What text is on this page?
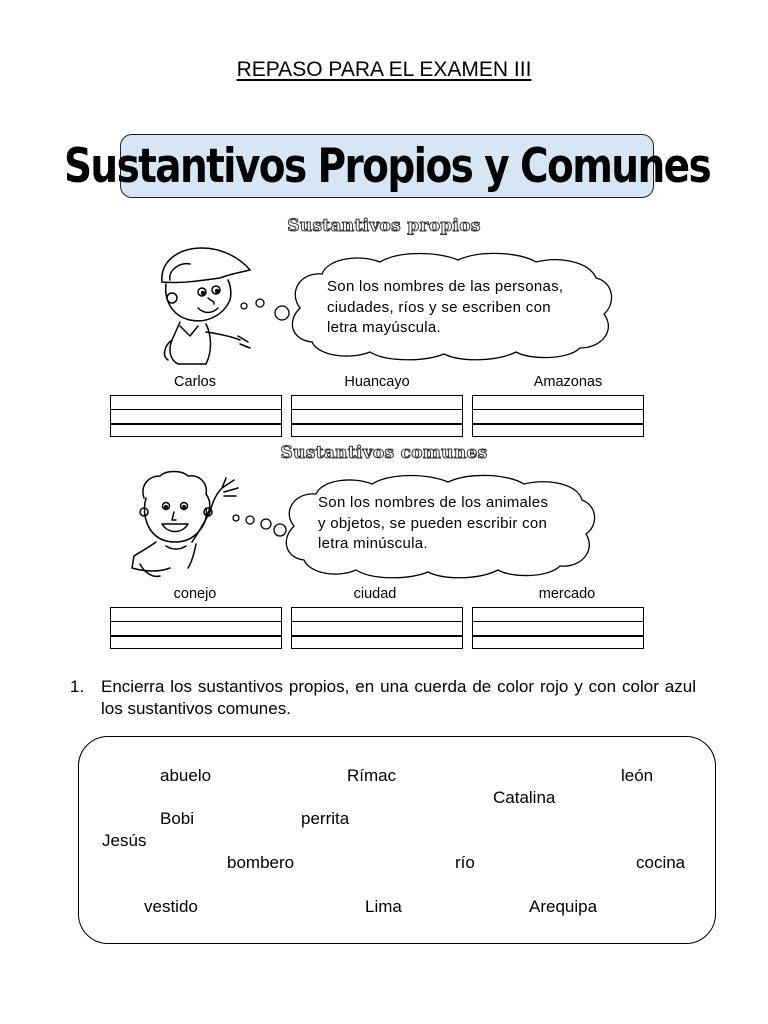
REPASO PARA EL EXAMEN III
Sustantivos Propios y Comunes
Sustantivos propios
Son los nombres de las personas,
ciudades, ríos y se escriben con
letra mayúscula.
Carlos	Huancayo	Amazonas
Sustantivos comunes
Son los nombres de los animales
y objetos, se pueden escribir con
letra minúscula.
conejo	ciudad	mercado
1. Encierra los sustantivos propios, en una cuerda de color rojo y con color azul los sustantivos comunes.
abuelo	Rímac	león
Catalina
Bobi	perrita
Jesús
bombero	río	cocina
vestido	Lima	Arequipa
